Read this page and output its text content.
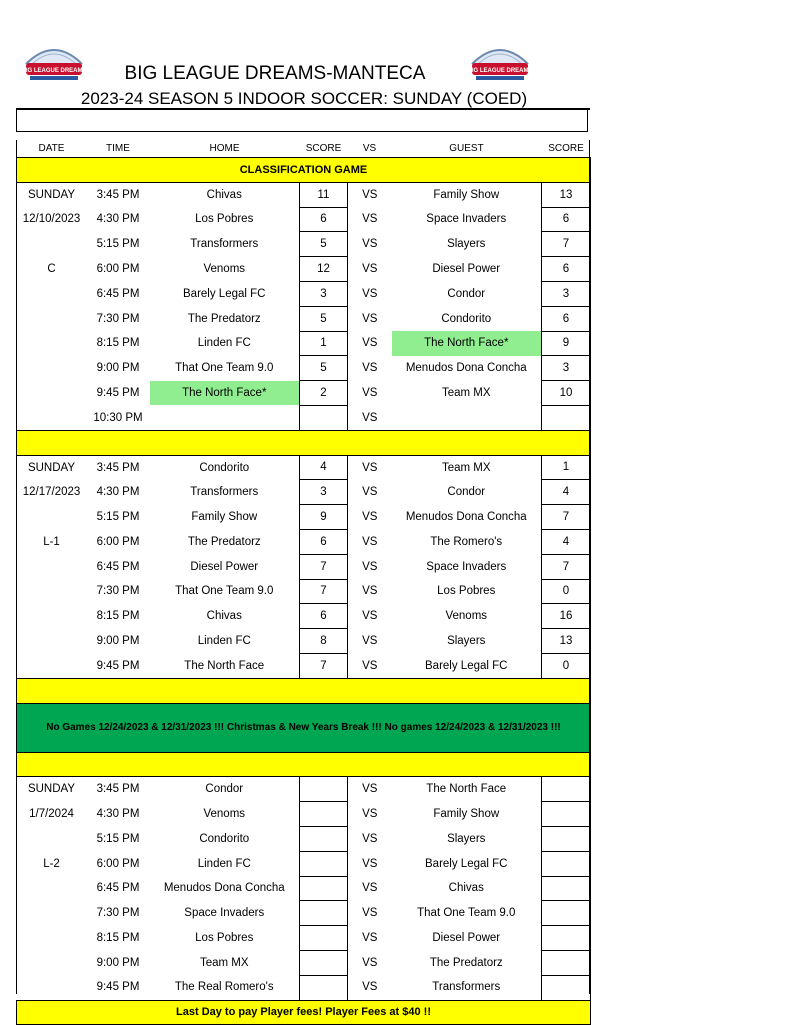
BIG LEAGUE DREAMS	BIG LEAGUE DREAMS
BIG LEAGUE DREAMS-MANTECA
2023-24 SEASON 5 INDOOR SOCCER: SUNDAY (COED)
DATE	TIME	HOME	SCORE	VS	GUEST	SCORE
CLASSIFICATION GAME						
SUNDAY	3:45 PM	Chivas	11	VS	Family Show	13
12/10/2023	4:30 PM	Los Pobres	6	VS	Space Invaders	6
	5:15 PM	Transformers	5	VS	Slayers	7
C	6:00 PM	Venoms	12	VS	Diesel Power	6
	6:45 PM	Barely Legal FC	3	VS	Condor	3
	7:30 PM	The Predatorz	5	VS	Condorito	6
	8:15 PM	Linden FC	1	VS	The North Face*	9
	9:00 PM	That One Team 9.0	5	VS	Menudos Dona Concha	3
	9:45 PM	The North Face*	2	VS	Team MX	10
	10:30 PM			VS		

SUNDAY	3:45 PM	Condorito	4	VS	Team MX	1
12/17/2023	4:30 PM	Transformers	3	VS	Condor	4
	5:15 PM	Family Show	9	VS	Menudos Dona Concha	7
L-1	6:00 PM	The Predatorz	6	VS	The Romero's	4
	6:45 PM	Diesel Power	7	VS	Space Invaders	7
	7:30 PM	That One Team 9.0	7	VS	Los Pobres	0
	8:15 PM	Chivas	6	VS	Venoms	16
	9:00 PM	Linden FC	8	VS	Slayers	13
	9:45 PM	The North Face	7	VS	Barely Legal FC	0

No Games 12/24/2023 & 12/31/2023 !!! Christmas & New Years Break !!! No games 12/24/2023 & 12/31/2023 !!!						

SUNDAY	3:45 PM	Condor		VS	The North Face	
1/7/2024	4:30 PM	Venoms		VS	Family Show	
	5:15 PM	Condorito		VS	Slayers	
L-2	6:00 PM	Linden FC		VS	Barely Legal FC	
	6:45 PM	Menudos Dona Concha		VS	Chivas	
	7:30 PM	Space Invaders		VS	That One Team 9.0	
	8:15 PM	Los Pobres		VS	Diesel Power	
	9:00 PM	Team MX		VS	The Predatorz	
	9:45 PM	The Real Romero's		VS	Transformers	
Last Day to pay Player fees! Player Fees at $40 !!						
